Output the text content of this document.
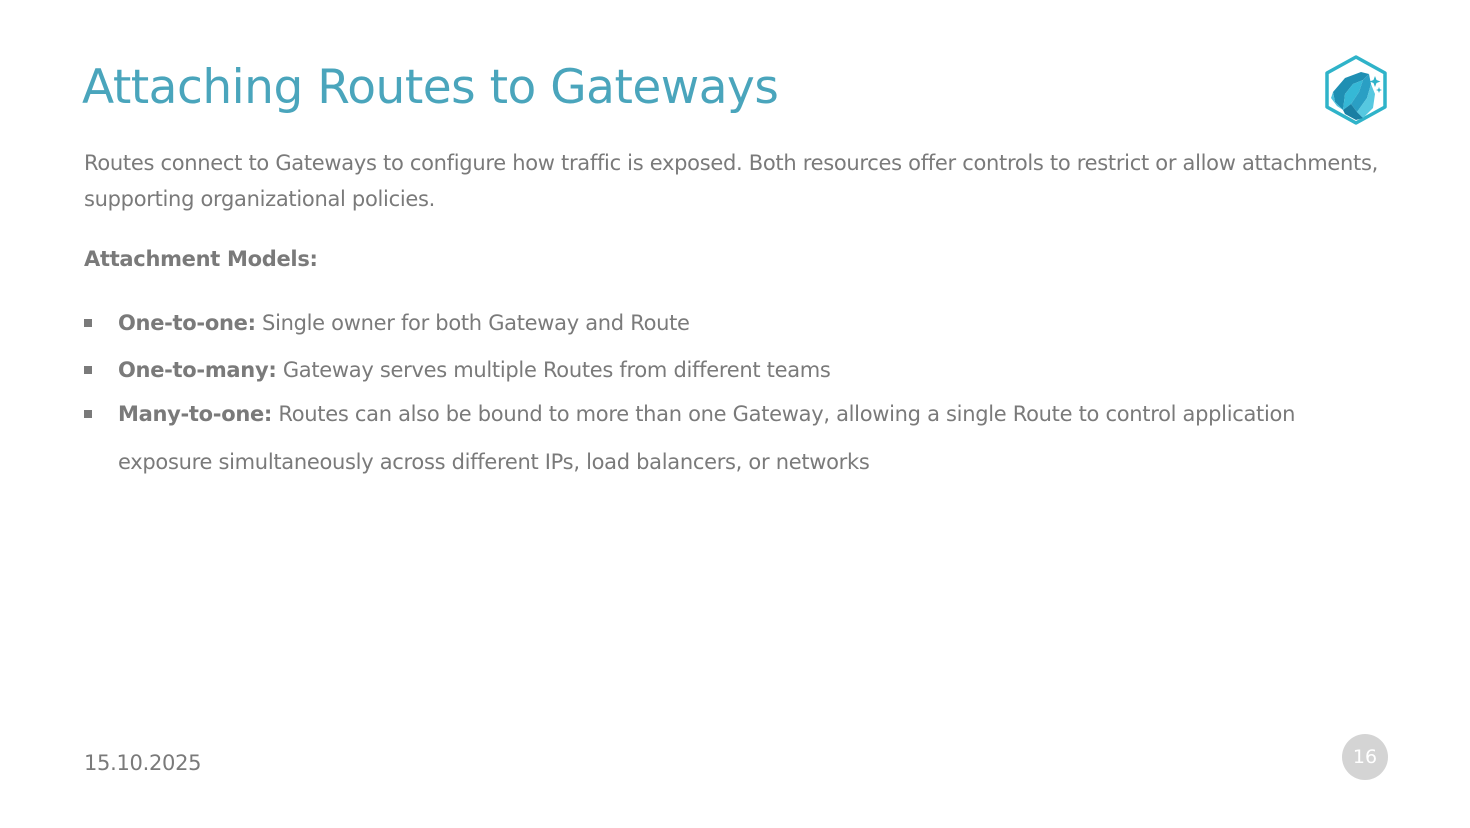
Attaching Routes to Gateways

Routes connect to Gateways to configure how traffic is exposed. Both resources offer controls to restrict or allow attachments, supporting organizational policies.

Attachment Models:

One-to-one: Single owner for both Gateway and Route
One-to-many: Gateway serves multiple Routes from different teams
Many-to-one: Routes can also be bound to more than one Gateway, allowing a single Route to control application exposure simultaneously across different IPs, load balancers, or networks
15.10.2025	16
